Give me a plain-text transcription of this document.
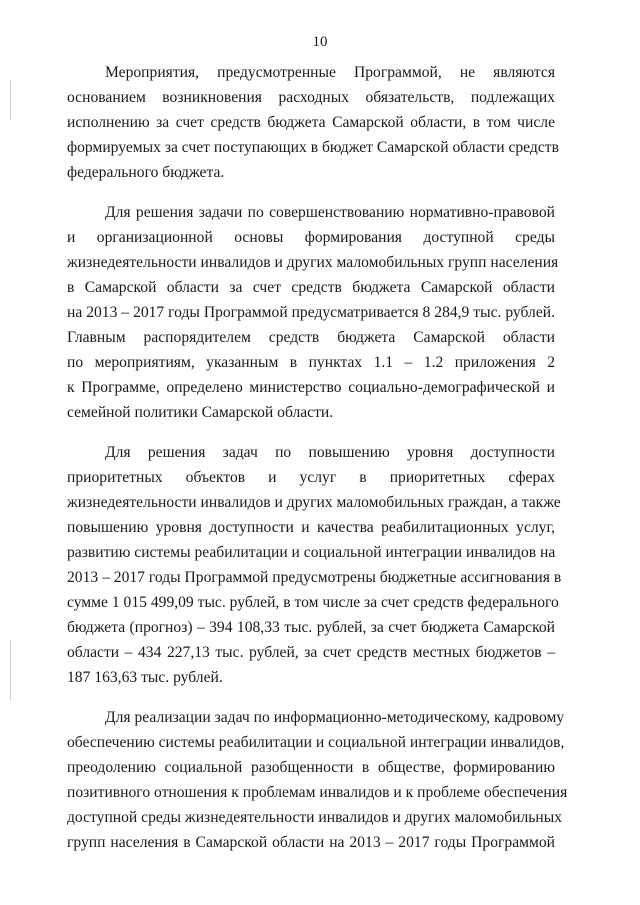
10
Мероприятия, предусмотренные Программой, не являются
основанием возникновения расходных обязательств, подлежащих
исполнению за счет средств бюджета Самарской области, в том числе
формируемых за счет поступающих в бюджет Самарской области средств
федерального бюджета.
Для решения задачи по совершенствованию нормативно-правовой
и организационной основы формирования доступной среды
жизнедеятельности инвалидов и других маломобильных групп населения
в Самарской области за счет средств бюджета Самарской области
на 2013 – 2017 годы Программой предусматривается 8 284,9 тыс. рублей.
Главным распорядителем средств бюджета Самарской области
по мероприятиям, указанным в пунктах 1.1 – 1.2 приложения 2
к Программе, определено министерство социально-демографической и
семейной политики Самарской области.
Для решения задач по повышению уровня доступности
приоритетных объектов и услуг в приоритетных сферах
жизнедеятельности инвалидов и других маломобильных граждан, а также
повышению уровня доступности и качества реабилитационных услуг,
развитию системы реабилитации и социальной интеграции инвалидов на
2013 – 2017 годы Программой предусмотрены бюджетные ассигнования в
сумме 1 015 499,09 тыс. рублей, в том числе за счет средств федерального
бюджета (прогноз) – 394 108,33 тыс. рублей, за счет бюджета Самарской
области – 434 227,13 тыс. рублей, за счет средств местных бюджетов –
187 163,63 тыс. рублей.
Для реализации задач по информационно-методическому, кадровому
обеспечению системы реабилитации и социальной интеграции инвалидов,
преодолению социальной разобщенности в обществе, формированию
позитивного отношения к проблемам инвалидов и к проблеме обеспечения
доступной среды жизнедеятельности инвалидов и других маломобильных
групп населения в Самарской области на 2013 – 2017 годы Программой
